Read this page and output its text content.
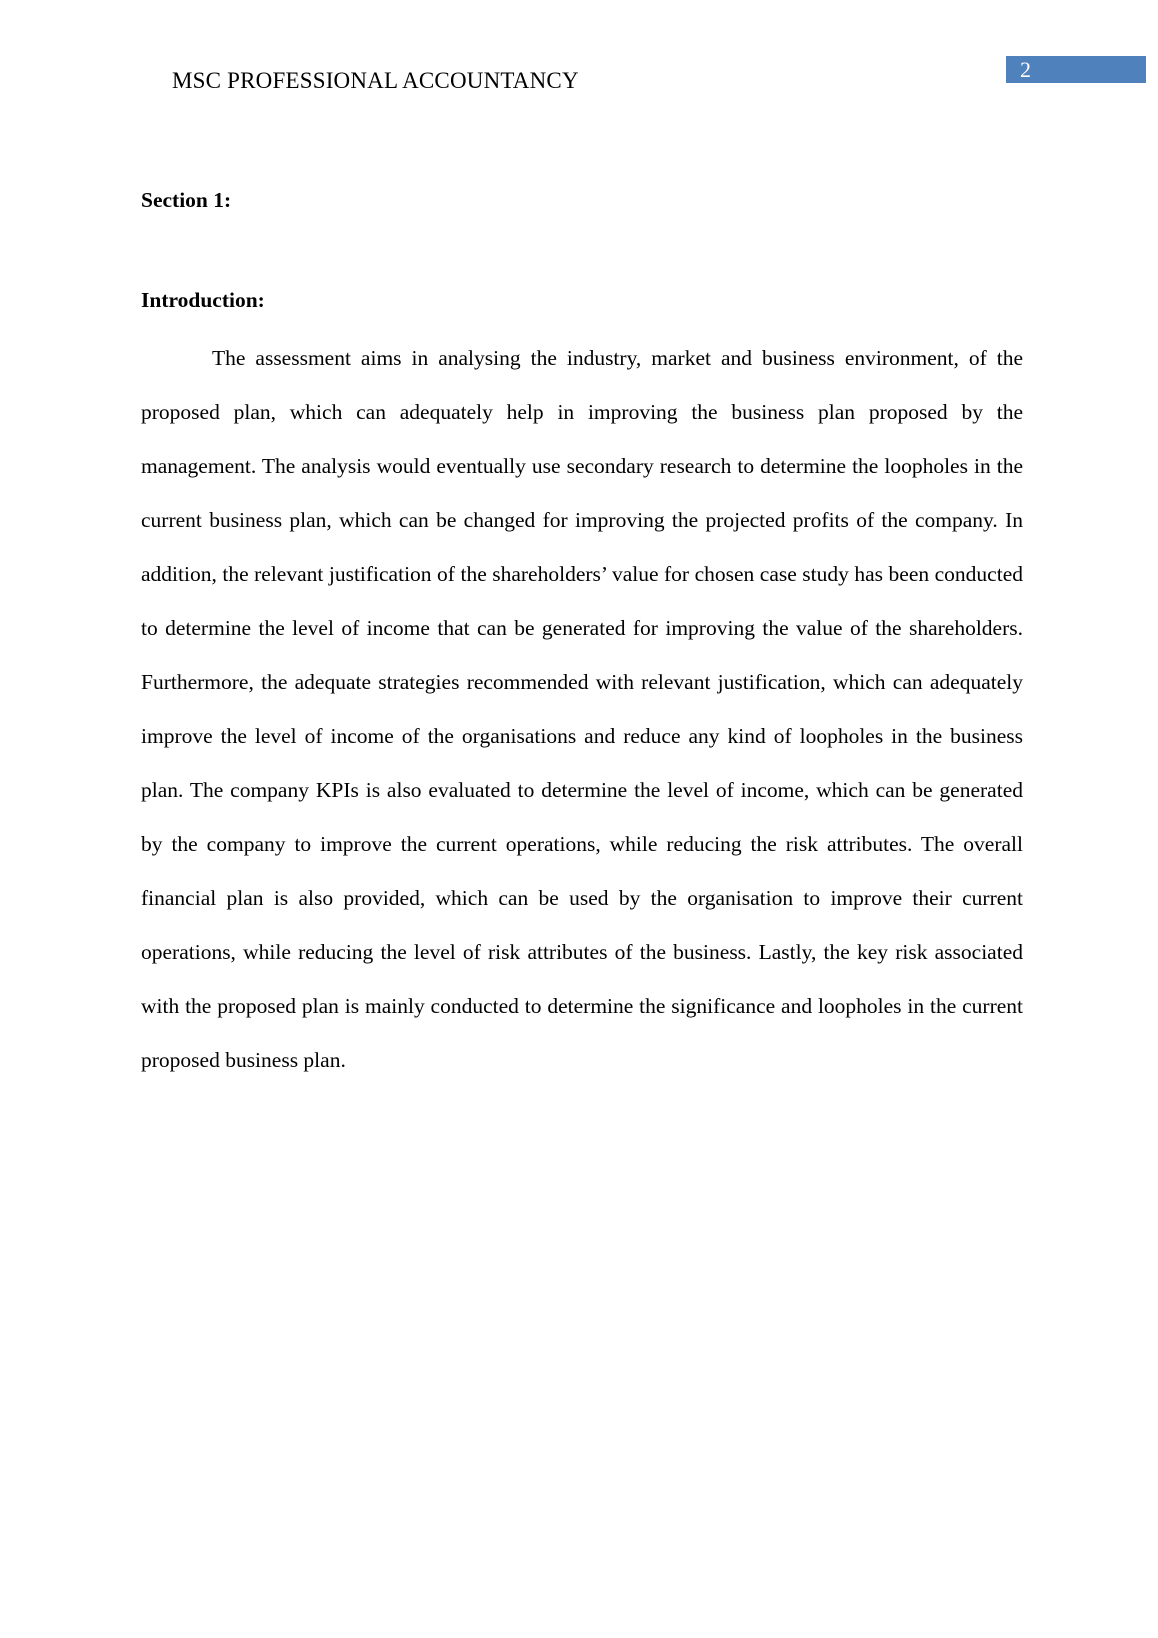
MSC PROFESSIONAL ACCOUNTANCY	2
Section 1:
Introduction:

The assessment aims in analysing the industry, market and business environment, of the proposed plan, which can adequately help in improving the business plan proposed by the management. The analysis would eventually use secondary research to determine the loopholes in the current business plan, which can be changed for improving the projected profits of the company. In addition, the relevant justification of the shareholders’ value for chosen case study has been conducted to determine the level of income that can be generated for improving the value of the shareholders. Furthermore, the adequate strategies recommended with relevant justification, which can adequately improve the level of income of the organisations and reduce any kind of loopholes in the business plan. The company KPIs is also evaluated to determine the level of income, which can be generated by the company to improve the current operations, while reducing the risk attributes. The overall financial plan is also provided, which can be used by the organisation to improve their current operations, while reducing the level of risk attributes of the business. Lastly, the key risk associated with the proposed plan is mainly conducted to determine the significance and loopholes in the current proposed business plan.
